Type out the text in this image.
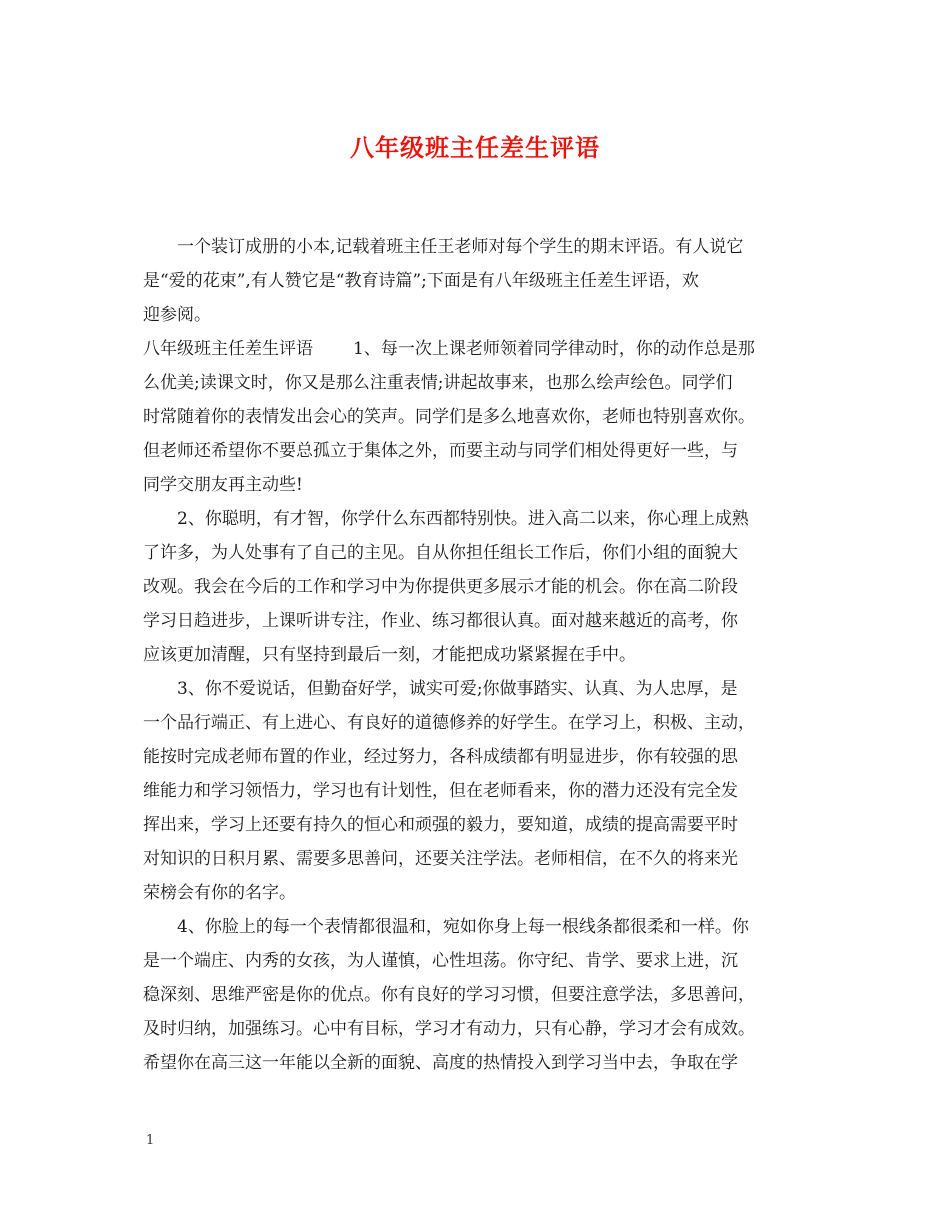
八年级班主任差生评语
一个装订成册的小本,记载着班主任王老师对每个学生的期末评语。有人说它
是“爱的花束”,有人赞它是“教育诗篇”;下面是有八年级班主任差生评语，欢
迎参阅。
八年级班主任差生评语 1、每一次上课老师领着同学律动时，你的动作总是那
么优美;读课文时，你又是那么注重表情;讲起故事来，也那么绘声绘色。同学们
时常随着你的表情发出会心的笑声。同学们是多么地喜欢你，老师也特别喜欢你。
但老师还希望你不要总孤立于集体之外，而要主动与同学们相处得更好一些，与
同学交朋友再主动些!
2、你聪明，有才智，你学什么东西都特别快。进入高二以来，你心理上成熟
了许多，为人处事有了自己的主见。自从你担任组长工作后，你们小组的面貌大
改观。我会在今后的工作和学习中为你提供更多展示才能的机会。你在高二阶段
学习日趋进步，上课听讲专注，作业、练习都很认真。面对越来越近的高考，你
应该更加清醒，只有坚持到最后一刻，才能把成功紧紧握在手中。
3、你不爱说话，但勤奋好学，诚实可爱;你做事踏实、认真、为人忠厚，是
一个品行端正、有上进心、有良好的道德修养的好学生。在学习上，积极、主动，
能按时完成老师布置的作业，经过努力，各科成绩都有明显进步，你有较强的思
维能力和学习领悟力，学习也有计划性，但在老师看来，你的潜力还没有完全发
挥出来，学习上还要有持久的恒心和顽强的毅力，要知道，成绩的提高需要平时
对知识的日积月累、需要多思善问，还要关注学法。老师相信，在不久的将来光
荣榜会有你的名字。
4、你脸上的每一个表情都很温和，宛如你身上每一根线条都很柔和一样。你
是一个端庄、内秀的女孩，为人谨慎，心性坦荡。你守纪、肯学、要求上进，沉
稳深刻、思维严密是你的优点。你有良好的学习习惯，但要注意学法，多思善问，
及时归纳，加强练习。心中有目标，学习才有动力，只有心静，学习才会有成效。
希望你在高三这一年能以全新的面貌、高度的热情投入到学习当中去，争取在学
1
